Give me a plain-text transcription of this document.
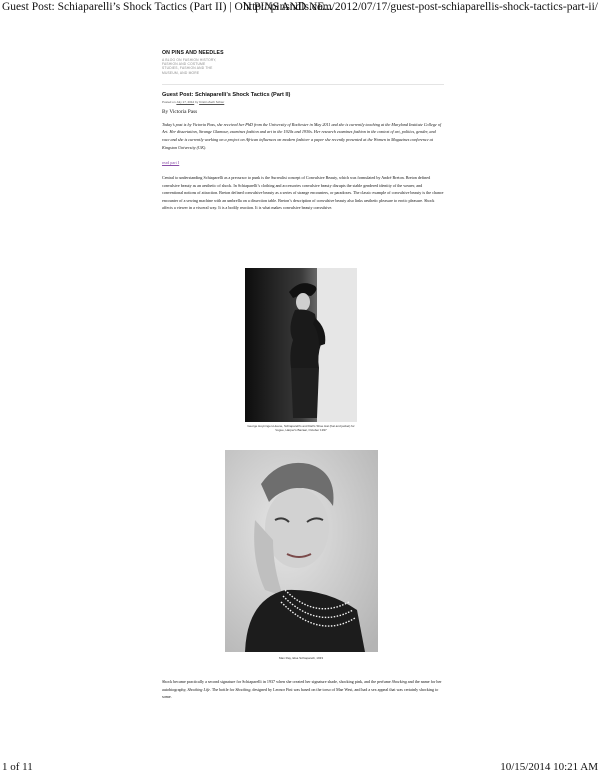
Guest Post: Schiaparelli’s Shock Tactics (Part II) | ON PINS AND NE...
http://pinsndls.com/2012/07/17/guest-post-schiaparellis-shock-tactics-part-ii/
ON PINS AND NEEDLES
A BLOG ON FASHION HISTORY, FASHION AND COSTUME STUDIES, FASHION AND THE MUSEUM, AND MORE
Guest Post: Schiaparelli’s Shock Tactics (Part II)
Posted on July 17, 2012 by Kristin Zach Schier
By Victoria Pass
Today’s post is by Victoria Pass, she received her PhD from the University of Rochester in May 2011 and she is currently teaching at the Maryland Institute College of Art. Her dissertation, Strange Glamour, examines fashion and art in the 1920s and 1930s. Her research examines fashion in the context of art, politics, gender, and race and she is currently working on a project on African influences on modern fashion- a paper she recently presented at the Women in Magazines conference at Kingston University (UK).
read part I
Central to understanding Schiaparelli as a precursor to punk is the Surrealist concept of Convulsive Beauty, which was formulated by André Breton. Breton defined convulsive beauty as an aesthetic of shock. In Schiaparelli’s clothing and accessories convulsive beauty disrupts the stable gendered identity of the wearer, and conventional notions of attraction. Breton defined convulsive beauty as a series of strange encounters, or paradoxes. The classic example of convulsive beauty is the chance encounter of a sewing machine with an umbrella on a dissection table. Breton’s description of convulsive beauty also links aesthetic pleasure to erotic pleasure. Shock affects a viewer in a visceral way. It is a bodily reaction. It is what makes convulsive beauty convulsive.
George Hoyningen-Huene, Schiaparelli's and Dali's Shoe Hat (hat and jacket) for
Vogue, Harper's Bazaar, October 1937
Man Ray, Elsa Schiaparelli, 1933
Shock became practically a second signature for Schiaparelli in 1937 when she created her signature shade, shocking pink, and the perfume Shocking and the name for her autobiography, Shocking Life. The bottle for Shocking, designed by Leonor Fini was based on the torso of Mae West, and had a sex appeal that was certainly shocking to some.
1 of 11	10/15/2014 10:21 AM
